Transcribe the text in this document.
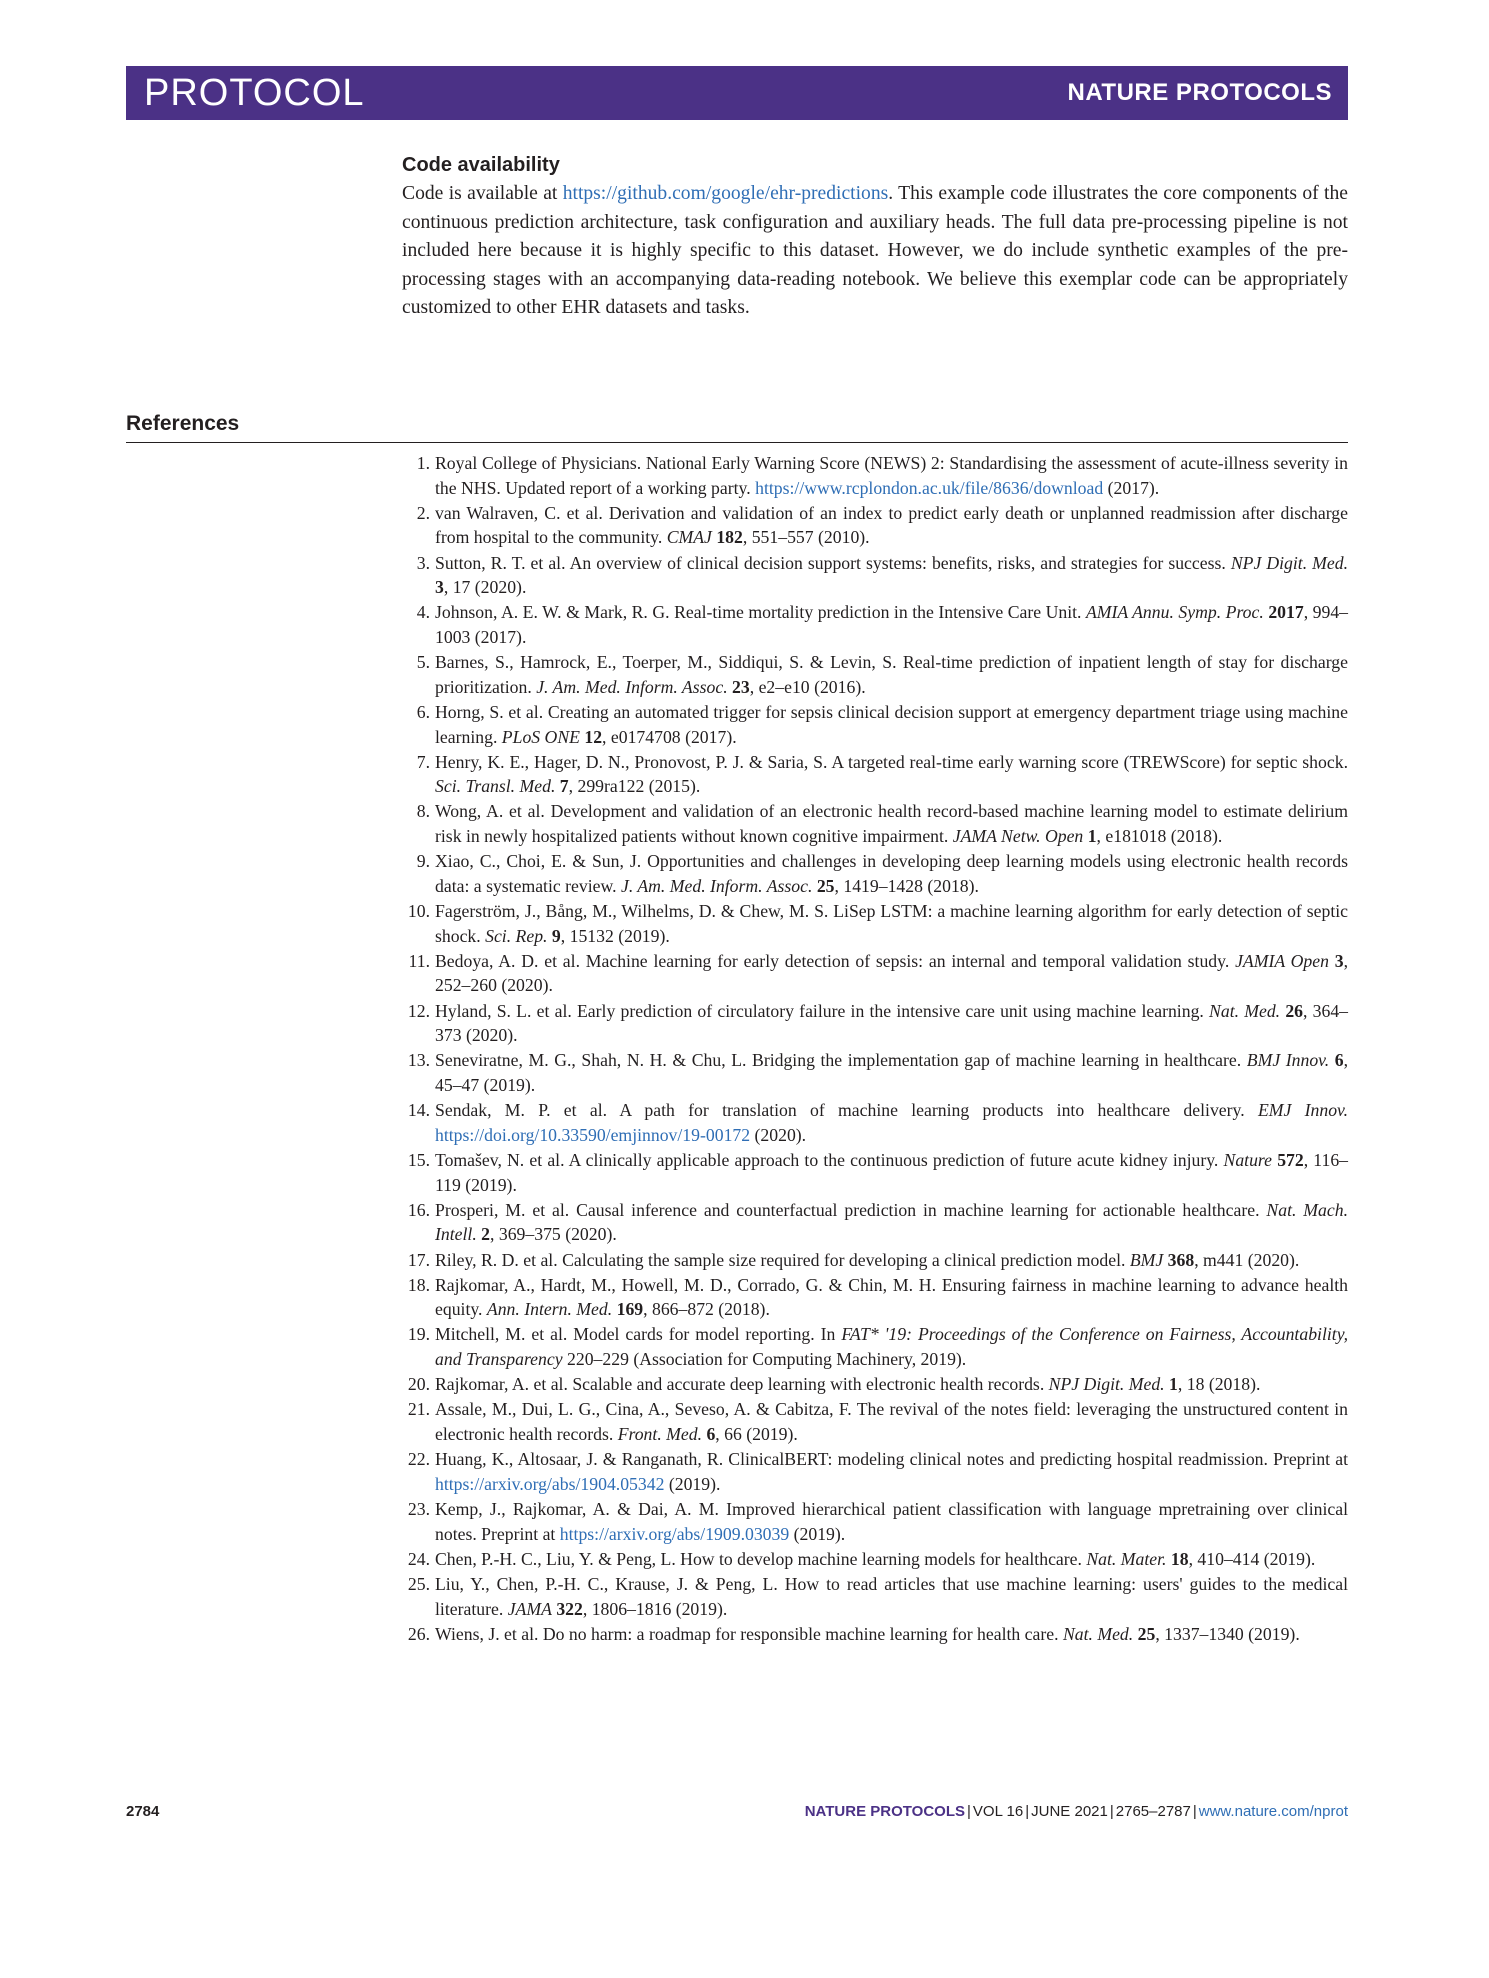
PROTOCOL	NATURE PROTOCOLS
Code availability

Code is available at https://github.com/google/ehr-predictions. This example code illustrates the core components of the continuous prediction architecture, task configuration and auxiliary heads. The full data pre-processing pipeline is not included here because it is highly specific to this dataset. However, we do include synthetic examples of the pre-processing stages with an accompanying data-reading notebook. We believe this exemplar code can be appropriately customized to other EHR datasets and tasks.

References
1. Royal College of Physicians. National Early Warning Score (NEWS) 2: Standardising the assessment of acute-illness severity in the NHS. Updated report of a working party. https://www.rcplondon.ac.uk/file/8636/download (2017).
2. van Walraven, C. et al. Derivation and validation of an index to predict early death or unplanned readmission after discharge from hospital to the community. CMAJ 182, 551–557 (2010).
3. Sutton, R. T. et al. An overview of clinical decision support systems: benefits, risks, and strategies for success. NPJ Digit. Med. 3, 17 (2020).
4. Johnson, A. E. W. & Mark, R. G. Real-time mortality prediction in the Intensive Care Unit. AMIA Annu. Symp. Proc. 2017, 994–1003 (2017).
5. Barnes, S., Hamrock, E., Toerper, M., Siddiqui, S. & Levin, S. Real-time prediction of inpatient length of stay for discharge prioritization. J. Am. Med. Inform. Assoc. 23, e2–e10 (2016).
6. Horng, S. et al. Creating an automated trigger for sepsis clinical decision support at emergency department triage using machine learning. PLoS ONE 12, e0174708 (2017).
7. Henry, K. E., Hager, D. N., Pronovost, P. J. & Saria, S. A targeted real-time early warning score (TREWScore) for septic shock. Sci. Transl. Med. 7, 299ra122 (2015).
8. Wong, A. et al. Development and validation of an electronic health record-based machine learning model to estimate delirium risk in newly hospitalized patients without known cognitive impairment. JAMA Netw. Open 1, e181018 (2018).
9. Xiao, C., Choi, E. & Sun, J. Opportunities and challenges in developing deep learning models using electronic health records data: a systematic review. J. Am. Med. Inform. Assoc. 25, 1419–1428 (2018).
10. Fagerström, J., Bång, M., Wilhelms, D. & Chew, M. S. LiSep LSTM: a machine learning algorithm for early detection of septic shock. Sci. Rep. 9, 15132 (2019).
11. Bedoya, A. D. et al. Machine learning for early detection of sepsis: an internal and temporal validation study. JAMIA Open 3, 252–260 (2020).
12. Hyland, S. L. et al. Early prediction of circulatory failure in the intensive care unit using machine learning. Nat. Med. 26, 364–373 (2020).
13. Seneviratne, M. G., Shah, N. H. & Chu, L. Bridging the implementation gap of machine learning in healthcare. BMJ Innov. 6, 45–47 (2019).
14. Sendak, M. P. et al. A path for translation of machine learning products into healthcare delivery. EMJ Innov. https://doi.org/10.33590/emjinnov/19-00172 (2020).
15. Tomašev, N. et al. A clinically applicable approach to the continuous prediction of future acute kidney injury. Nature 572, 116–119 (2019).
16. Prosperi, M. et al. Causal inference and counterfactual prediction in machine learning for actionable healthcare. Nat. Mach. Intell. 2, 369–375 (2020).
17. Riley, R. D. et al. Calculating the sample size required for developing a clinical prediction model. BMJ 368, m441 (2020).
18. Rajkomar, A., Hardt, M., Howell, M. D., Corrado, G. & Chin, M. H. Ensuring fairness in machine learning to advance health equity. Ann. Intern. Med. 169, 866–872 (2018).
19. Mitchell, M. et al. Model cards for model reporting. In FAT* '19: Proceedings of the Conference on Fairness, Accountability, and Transparency 220–229 (Association for Computing Machinery, 2019).
20. Rajkomar, A. et al. Scalable and accurate deep learning with electronic health records. NPJ Digit. Med. 1, 18 (2018).
21. Assale, M., Dui, L. G., Cina, A., Seveso, A. & Cabitza, F. The revival of the notes field: leveraging the unstructured content in electronic health records. Front. Med. 6, 66 (2019).
22. Huang, K., Altosaar, J. & Ranganath, R. ClinicalBERT: modeling clinical notes and predicting hospital readmission. Preprint at https://arxiv.org/abs/1904.05342 (2019).
23. Kemp, J., Rajkomar, A. & Dai, A. M. Improved hierarchical patient classification with language mpretraining over clinical notes. Preprint at https://arxiv.org/abs/1909.03039 (2019).
24. Chen, P.-H. C., Liu, Y. & Peng, L. How to develop machine learning models for healthcare. Nat. Mater. 18, 410–414 (2019).
25. Liu, Y., Chen, P.-H. C., Krause, J. & Peng, L. How to read articles that use machine learning: users' guides to the medical literature. JAMA 322, 1806–1816 (2019).
26. Wiens, J. et al. Do no harm: a roadmap for responsible machine learning for health care. Nat. Med. 25, 1337–1340 (2019).
2784	NATURE PROTOCOLS | VOL 16 | JUNE 2021 | 2765–2787 | www.nature.com/nprot
